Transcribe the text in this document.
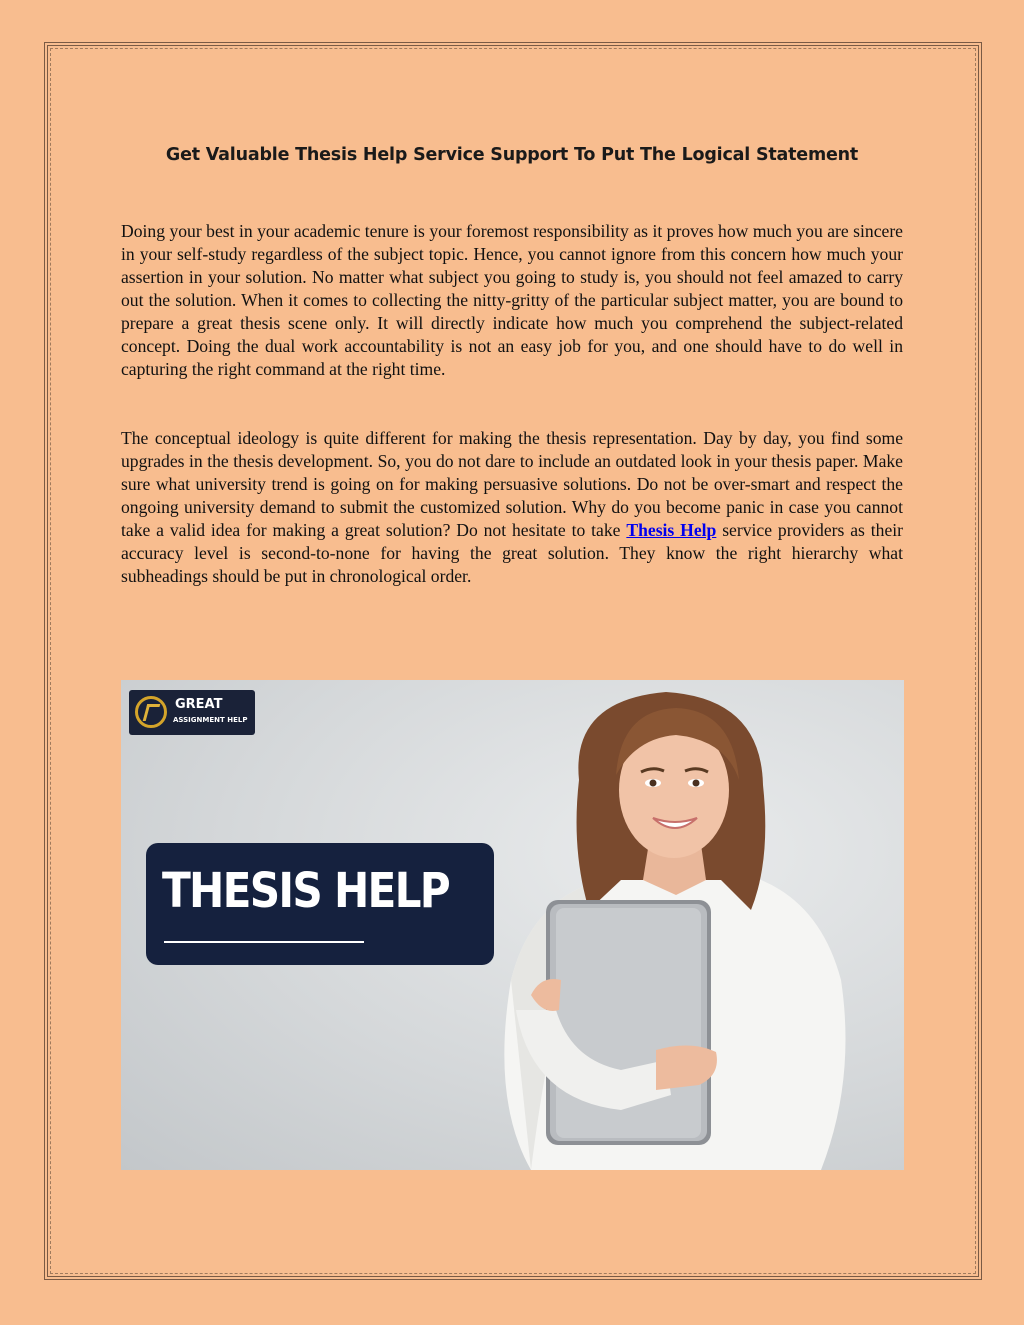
Get Valuable Thesis Help Service Support To Put The Logical Statement

Doing your best in your academic tenure is your foremost responsibility as it proves how much you are sincere in your self-study regardless of the subject topic. Hence, you cannot ignore from this concern how much your assertion in your solution. No matter what subject you going to study is, you should not feel amazed to carry out the solution. When it comes to collecting the nitty-gritty of the particular subject matter, you are bound to prepare a great thesis scene only. It will directly indicate how much you comprehend the subject-related concept. Doing the dual work accountability is not an easy job for you, and one should have to do well in capturing the right command at the right time.

The conceptual ideology is quite different for making the thesis representation. Day by day, you find some upgrades in the thesis development. So, you do not dare to include an outdated look in your thesis paper. Make sure what university trend is going on for making persuasive solutions. Do not be over-smart and respect the ongoing university demand to submit the customized solution. Why do you become panic in case you cannot take a valid idea for making a great solution? Do not hesitate to take Thesis Help service providers as their accuracy level is second-to-none for having the great solution. They know the right hierarchy what subheadings should be put in chronological order.

GREAT
ASSIGNMENT HELP
THESIS HELP
